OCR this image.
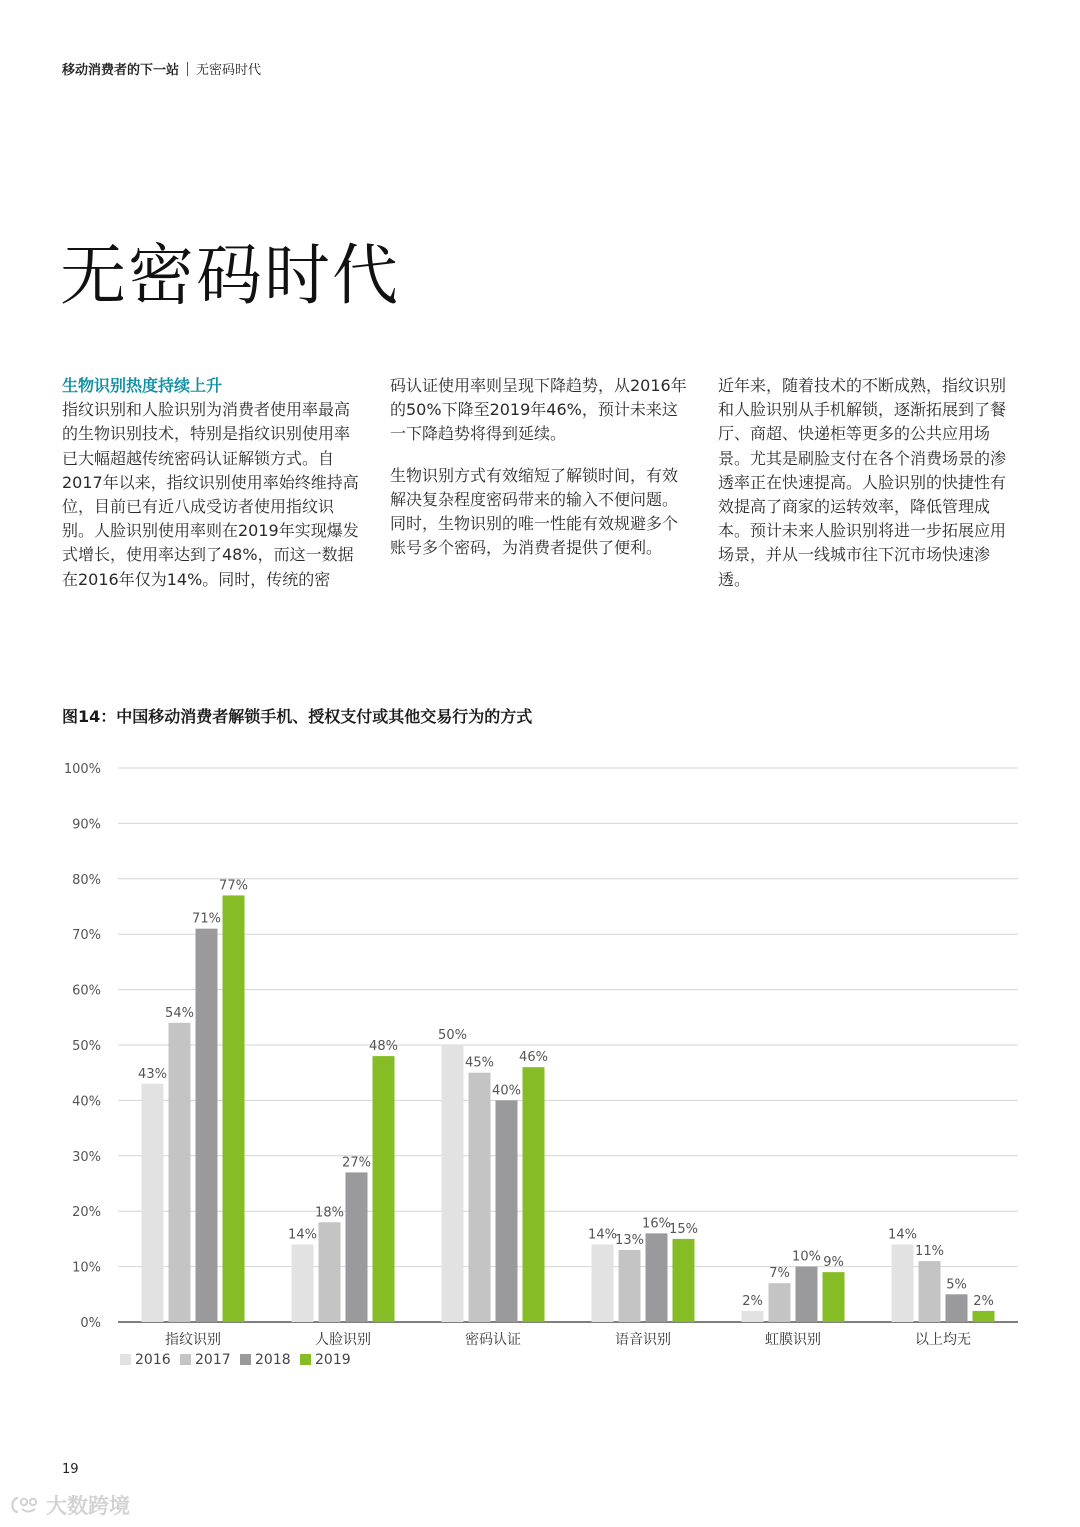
移动消费者的下一站 无密码时代
无密码时代
生物识别热度持续上升

指纹识别和人脸识别为消费者使用率最高的生物识别技术，特别是指纹识别使用率已大幅超越传统密码认证解锁方式。自2017年以来，指纹识别使用率始终维持高位，目前已有近八成受访者使用指纹识别。人脸识别使用率则在2019年实现爆发式增长，使用率达到了48%，而这一数据在2016年仅为14%。同时，传统的密

码认证使用率则呈现下降趋势，从2016年的50%下降至2019年46%，预计未来这一下降趋势将得到延续。

生物识别方式有效缩短了解锁时间，有效解决复杂程度密码带来的输入不便问题。同时，生物识别的唯一性能有效规避多个账号多个密码，为消费者提供了便利。

近年来，随着技术的不断成熟，指纹识别和人脸识别从手机解锁，逐渐拓展到了餐厅、商超、快递柜等更多的公共应用场景。尤其是刷脸支付在各个消费场景的渗透率正在快速提高。人脸识别的快捷性有效提高了商家的运转效率，降低管理成本。预计未来人脸识别将进一步拓展应用场景，并从一线城市往下沉市场快速渗透。

图14：中国移动消费者解锁手机、授权支付或其他交易行为的方式
0%
10%
20%
30%
40%
50%
60%
70%
80%
90%
100%
43%
54%
71%
77%
指纹识别
14%
18%
27%
48%
人脸识别
50%
45%
40%
46%
密码认证
14%
13%
16%
15%
语音识别
2%
7%
10% 9%
虹膜识别
14%
11%
5%
2%
以上均无
2016 2017 2018 2019
19
大数跨境
